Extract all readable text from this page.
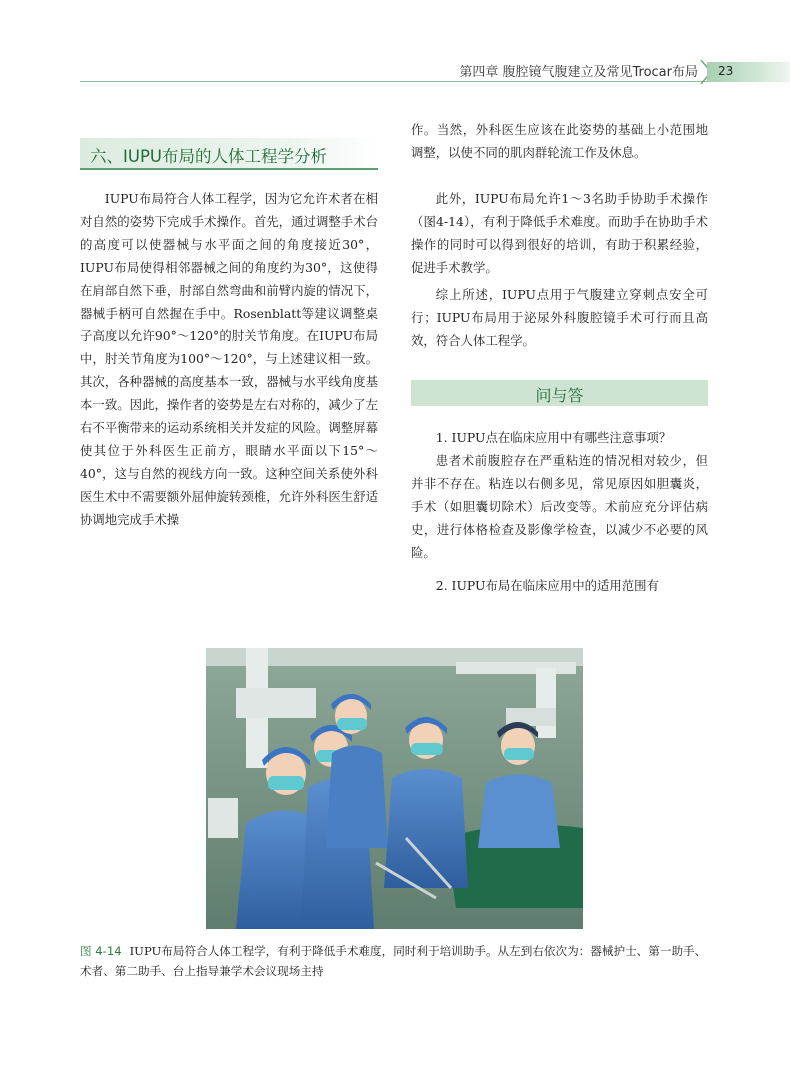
第四章 腹腔镜气腹建立及常见Trocar布局 23
六、IUPU布局的人体工程学分析

IUPU布局符合人体工程学，因为它允许术者在相对自然的姿势下完成手术操作。首先，通过调整手术台的高度可以使器械与水平面之间的角度接近30°，IUPU布局使得相邻器械之间的角度约为30°，这使得在肩部自然下垂，肘部自然弯曲和前臂内旋的情况下，器械手柄可自然握在手中。Rosenblatt等建议调整桌子高度以允许90°～120°的肘关节角度。在IUPU布局中，肘关节角度为100°～120°，与上述建议相一致。其次，各种器械的高度基本一致，器械与水平线角度基本一致。因此，操作者的姿势是左右对称的，减少了左右不平衡带来的运动系统相关并发症的风险。调整屏幕使其位于外科医生正前方，眼睛水平面以下15°～40°，这与自然的视线方向一致。这种空间关系使外科医生术中不需要额外屈伸旋转颈椎，允许外科医生舒适协调地完成手术操

作。当然，外科医生应该在此姿势的基础上小范围地调整，以使不同的肌肉群轮流工作及休息。

此外，IUPU布局允许1～3名助手协助手术操作（图4-14），有利于降低手术难度。而助手在协助手术操作的同时可以得到很好的培训，有助于积累经验，促进手术教学。

综上所述，IUPU点用于气腹建立穿刺点安全可行；IUPU布局用于泌尿外科腹腔镜手术可行而且高效，符合人体工程学。

问与答

1. IUPU点在临床应用中有哪些注意事项？

患者术前腹腔存在严重粘连的情况相对较少，但并非不存在。粘连以右侧多见，常见原因如胆囊炎，手术（如胆囊切除术）后改变等。术前应充分评估病史，进行体格检查及影像学检查，以减少不必要的风险。

2. IUPU布局在临床应用中的适用范围有

图 4-14 IUPU布局符合人体工程学，有利于降低手术难度，同时利于培训助手。从左到右依次为：器械护士、第一助手、术者、第二助手、台上指导兼学术会议现场主持
